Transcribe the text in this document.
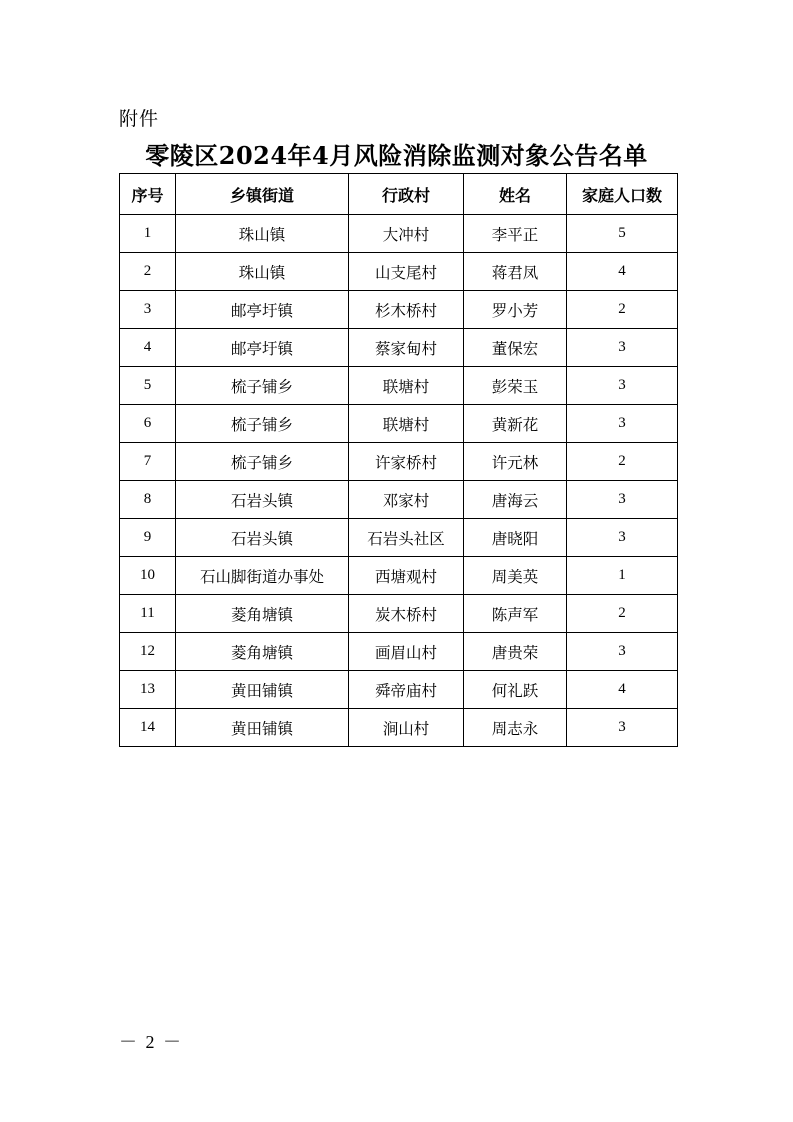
附件
零陵区2024年4月风险消除监测对象公告名单
序号	乡镇街道	行政村	姓名	家庭人口数
1	珠山镇	大冲村	李平正	5
2	珠山镇	山支尾村	蒋君凤	4
3	邮亭圩镇	杉木桥村	罗小芳	2
4	邮亭圩镇	蔡家甸村	董保宏	3
5	梳子铺乡	联塘村	彭荣玉	3
6	梳子铺乡	联塘村	黄新花	3
7	梳子铺乡	许家桥村	许元林	2
8	石岩头镇	邓家村	唐海云	3
9	石岩头镇	石岩头社区	唐晓阳	3
10	石山脚街道办事处	西塘观村	周美英	1
11	菱角塘镇	炭木桥村	陈声军	2
12	菱角塘镇	画眉山村	唐贵荣	3
13	黄田铺镇	舜帝庙村	何礼跃	4
14	黄田铺镇	涧山村	周志永	3
－ 2 －
